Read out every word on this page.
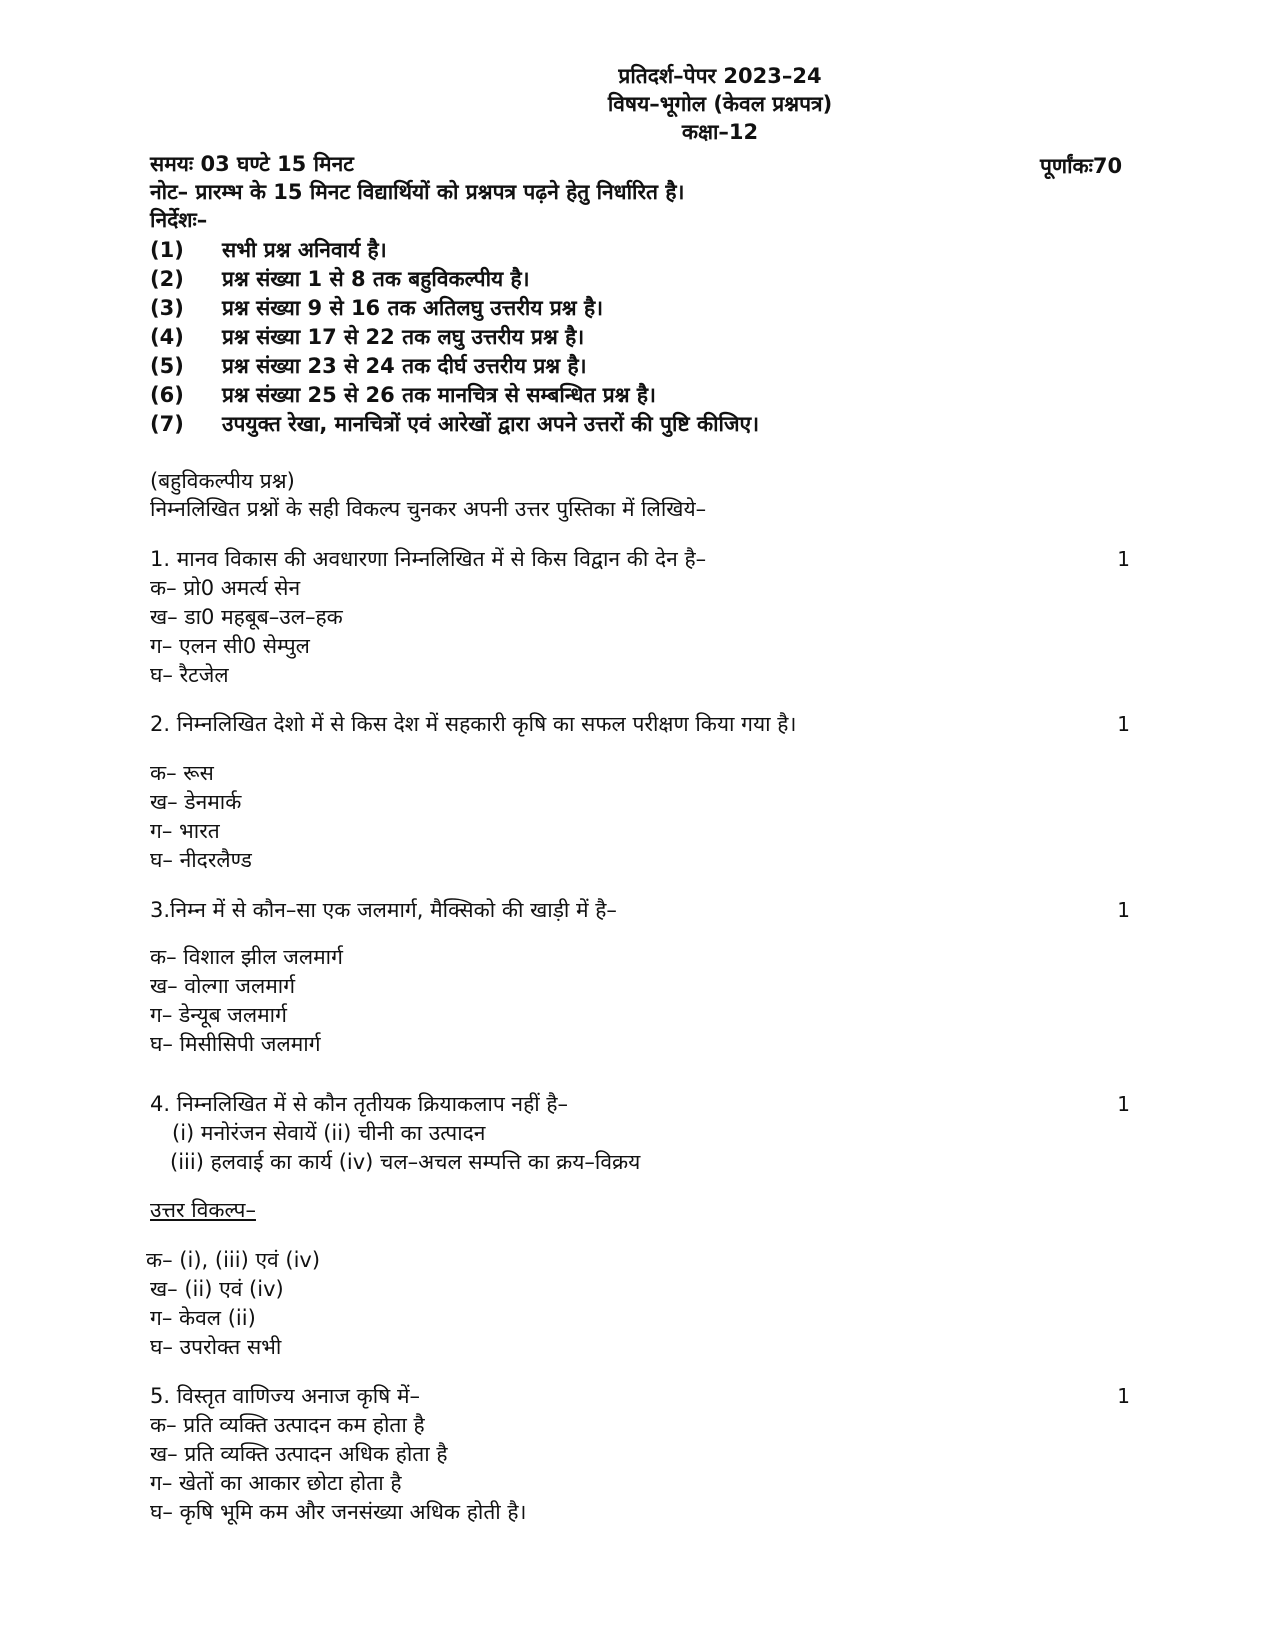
प्रतिदर्श–पेपर 2023–24
विषय–भूगोल (केवल प्रश्नपत्र)
कक्षा–12
समयः 03 घण्टे 15 मिनट	पूर्णांकः70
नोट– प्रारम्भ के 15 मिनट विद्यार्थियों को प्रश्नपत्र पढ़ने हेतु निर्धारित है।
निर्देशः–
(1) सभी प्रश्न अनिवार्य है।
(2) प्रश्न संख्या 1 से 8 तक बहुविकल्पीय है।
(3) प्रश्न संख्या 9 से 16 तक अतिलघु उत्तरीय प्रश्न है।
(4) प्रश्न संख्या 17 से 22 तक लघु उत्तरीय प्रश्न है।
(5) प्रश्न संख्या 23 से 24 तक दीर्घ उत्तरीय प्रश्न है।
(6) प्रश्न संख्या 25 से 26 तक मानचित्र से सम्बन्धित प्रश्न है।
(7) उपयुक्त रेखा, मानचित्रों एवं आरेखों द्वारा अपने उत्तरों की पुष्टि कीजिए।
(बहुविकल्पीय प्रश्न)
निम्नलिखित प्रश्नों के सही विकल्प चुनकर अपनी उत्तर पुस्तिका में लिखिये–
1. मानव विकास की अवधारणा निम्नलिखित में से किस विद्वान की देन है–	1
क– प्रो0 अमर्त्य सेन
ख– डा0 महबूब–उल–हक
ग– एलन सी0 सेम्पुल
घ– रैटजेल
2. निम्नलिखित देशो में से किस देश में सहकारी कृषि का सफल परीक्षण किया गया है।	1
क– रूस
ख– डेनमार्क
ग– भारत
घ– नीदरलैण्ड
3.निम्न में से कौन–सा एक जलमार्ग, मैक्सिको की खाड़ी में है–	1
क– विशाल झील जलमार्ग
ख– वोल्गा जलमार्ग
ग– डेन्यूब जलमार्ग
घ– मिसीसिपी जलमार्ग
4. निम्नलिखित में से कौन तृतीयक क्रियाकलाप नहीं है–	1
(i) मनोरंजन सेवायें (ii) चीनी का उत्पादन
(iii) हलवाई का कार्य (iv) चल–अचल सम्पत्ति का क्रय–विक्रय
उत्तर विकल्प–
क– (i), (iii) एवं (iv)
ख– (ii) एवं (iv)
ग– केवल (ii)
घ– उपरोक्त सभी
5. विस्तृत वाणिज्य अनाज कृषि में–	1
क– प्रति व्यक्ति उत्पादन कम होता है
ख– प्रति व्यक्ति उत्पादन अधिक होता है
ग– खेतों का आकार छोटा होता है
घ– कृषि भूमि कम और जनसंख्या अधिक होती है।
